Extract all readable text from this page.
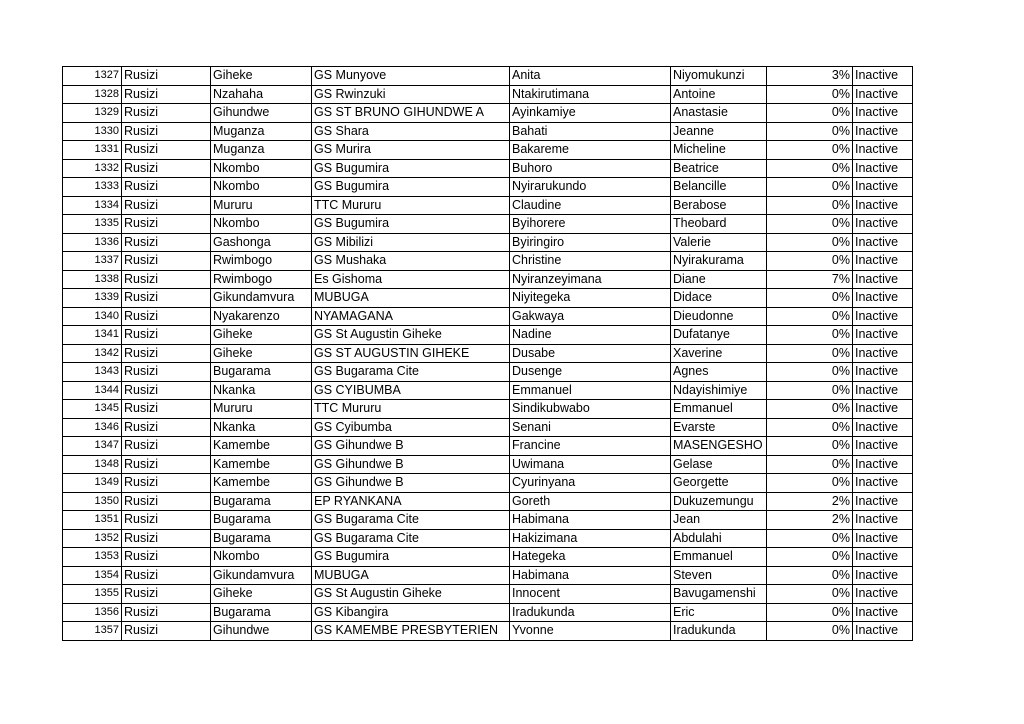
1327	Rusizi	Giheke	GS Munyove	Anita	Niyomukunzi	3%	Inactive
1328	Rusizi	Nzahaha	GS Rwinzuki	Ntakirutimana	Antoine	0%	Inactive
1329	Rusizi	Gihundwe	GS ST BRUNO GIHUNDWE A	Ayinkamiye	Anastasie	0%	Inactive
1330	Rusizi	Muganza	GS Shara	Bahati	Jeanne	0%	Inactive
1331	Rusizi	Muganza	GS Murira	Bakareme	Micheline	0%	Inactive
1332	Rusizi	Nkombo	GS Bugumira	Buhoro	Beatrice	0%	Inactive
1333	Rusizi	Nkombo	GS Bugumira	Nyirarukundo	Belancille	0%	Inactive
1334	Rusizi	Mururu	TTC Mururu	Claudine	Berabose	0%	Inactive
1335	Rusizi	Nkombo	GS Bugumira	Byihorere	Theobard	0%	Inactive
1336	Rusizi	Gashonga	GS Mibilizi	Byiringiro	Valerie	0%	Inactive
1337	Rusizi	Rwimbogo	GS Mushaka	Christine	Nyirakurama	0%	Inactive
1338	Rusizi	Rwimbogo	Es Gishoma	Nyiranzeyimana	Diane	7%	Inactive
1339	Rusizi	Gikundamvura	MUBUGA	Niyitegeka	Didace	0%	Inactive
1340	Rusizi	Nyakarenzo	NYAMAGANA	Gakwaya	Dieudonne	0%	Inactive
1341	Rusizi	Giheke	GS St Augustin Giheke	Nadine	Dufatanye	0%	Inactive
1342	Rusizi	Giheke	GS ST AUGUSTIN GIHEKE	Dusabe	Xaverine	0%	Inactive
1343	Rusizi	Bugarama	GS Bugarama Cite	Dusenge	Agnes	0%	Inactive
1344	Rusizi	Nkanka	GS CYIBUMBA	Emmanuel	Ndayishimiye	0%	Inactive
1345	Rusizi	Mururu	TTC Mururu	Sindikubwabo	Emmanuel	0%	Inactive
1346	Rusizi	Nkanka	GS Cyibumba	Senani	Evarste	0%	Inactive
1347	Rusizi	Kamembe	GS Gihundwe B	Francine	MASENGESHO	0%	Inactive
1348	Rusizi	Kamembe	GS Gihundwe B	Uwimana	Gelase	0%	Inactive
1349	Rusizi	Kamembe	GS Gihundwe B	Cyurinyana	Georgette	0%	Inactive
1350	Rusizi	Bugarama	EP RYANKANA	Goreth	Dukuzemungu	2%	Inactive
1351	Rusizi	Bugarama	GS Bugarama Cite	Habimana	Jean	2%	Inactive
1352	Rusizi	Bugarama	GS Bugarama Cite	Hakizimana	Abdulahi	0%	Inactive
1353	Rusizi	Nkombo	GS Bugumira	Hategeka	Emmanuel	0%	Inactive
1354	Rusizi	Gikundamvura	MUBUGA	Habimana	Steven	0%	Inactive
1355	Rusizi	Giheke	GS St Augustin Giheke	Innocent	Bavugamenshi	0%	Inactive
1356	Rusizi	Bugarama	GS Kibangira	Iradukunda	Eric	0%	Inactive
1357	Rusizi	Gihundwe	GS KAMEMBE PRESBYTERIEN	Yvonne	Iradukunda	0%	Inactive
